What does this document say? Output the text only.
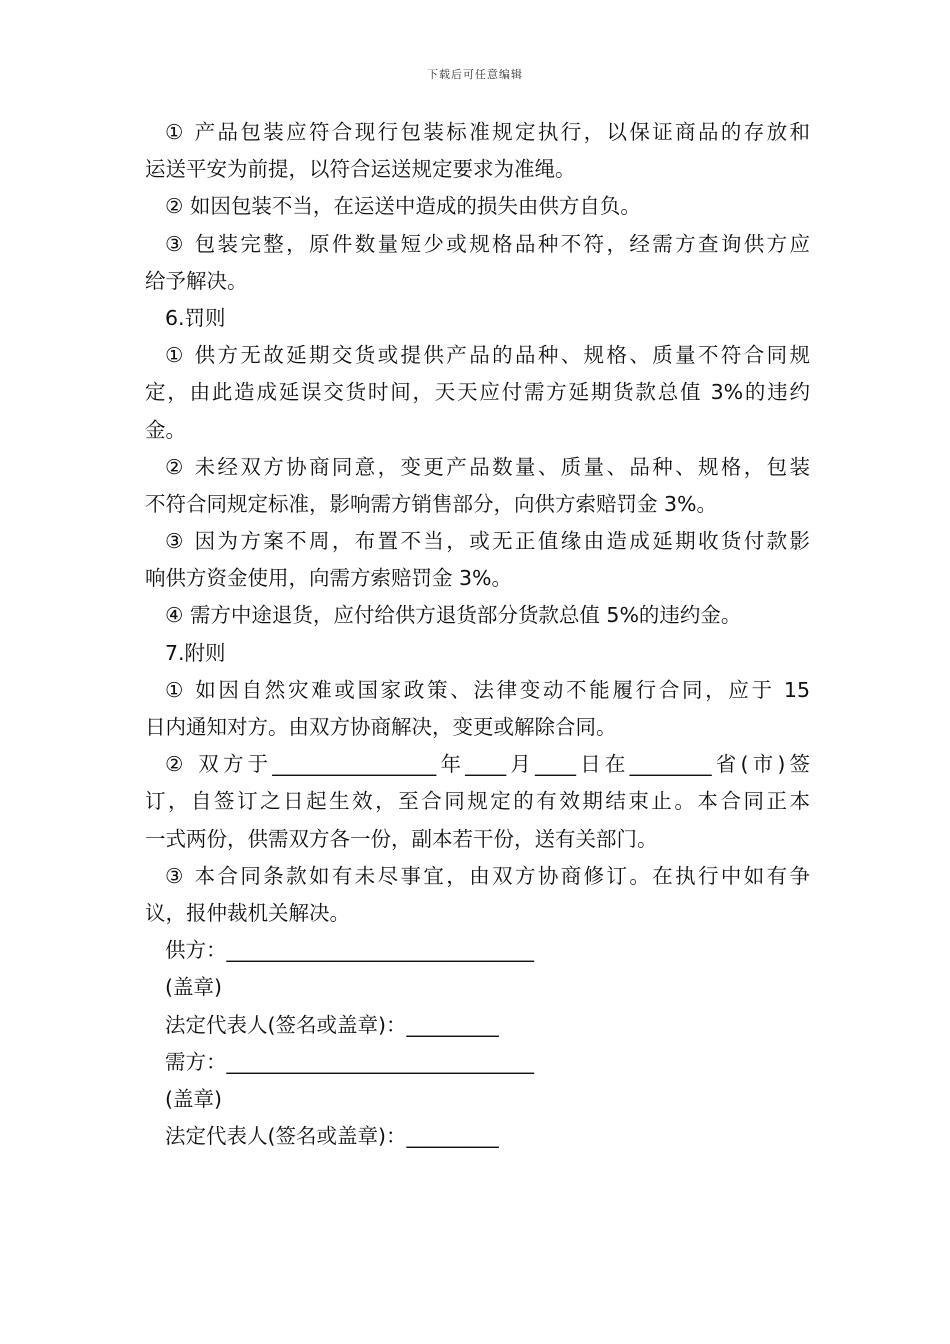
下载后可任意编辑
① 产品包装应符合现行包装标准规定执行，以保证商品的存放和
运送平安为前提，以符合运送规定要求为准绳。
② 如因包装不当，在运送中造成的损失由供方自负。
③ 包装完整，原件数量短少或规格品种不符，经需方查询供方应
给予解决。
6.罚则
① 供方无故延期交货或提供产品的品种、规格、质量不符合同规
定，由此造成延误交货时间，天天应付需方延期货款总值 3%的违约
金。
② 未经双方协商同意，变更产品数量、质量、品种、规格，包装
不符合同规定标准，影响需方销售部分，向供方索赔罚金 3%。
③ 因为方案不周，布置不当，或无正值缘由造成延期收货付款影
响供方资金使用，向需方索赔罚金 3%。
④ 需方中途退货，应付给供方退货部分货款总值 5%的违约金。
7.附则
① 如因自然灾难或国家政策、法律变动不能履行合同，应于 15
日内通知对方。由双方协商解决，变更或解除合同。
② 双方于________________年____月____日在________省(市)签
订，自签订之日起生效，至合同规定的有效期结束止。本合同正本
一式两份，供需双方各一份，副本若干份，送有关部门。
③ 本合同条款如有未尽事宜，由双方协商修订。在执行中如有争
议，报仲裁机关解决。
供方：______________________________
(盖章)
法定代表人(签名或盖章)：_________
需方：______________________________
(盖章)
法定代表人(签名或盖章)：_________
